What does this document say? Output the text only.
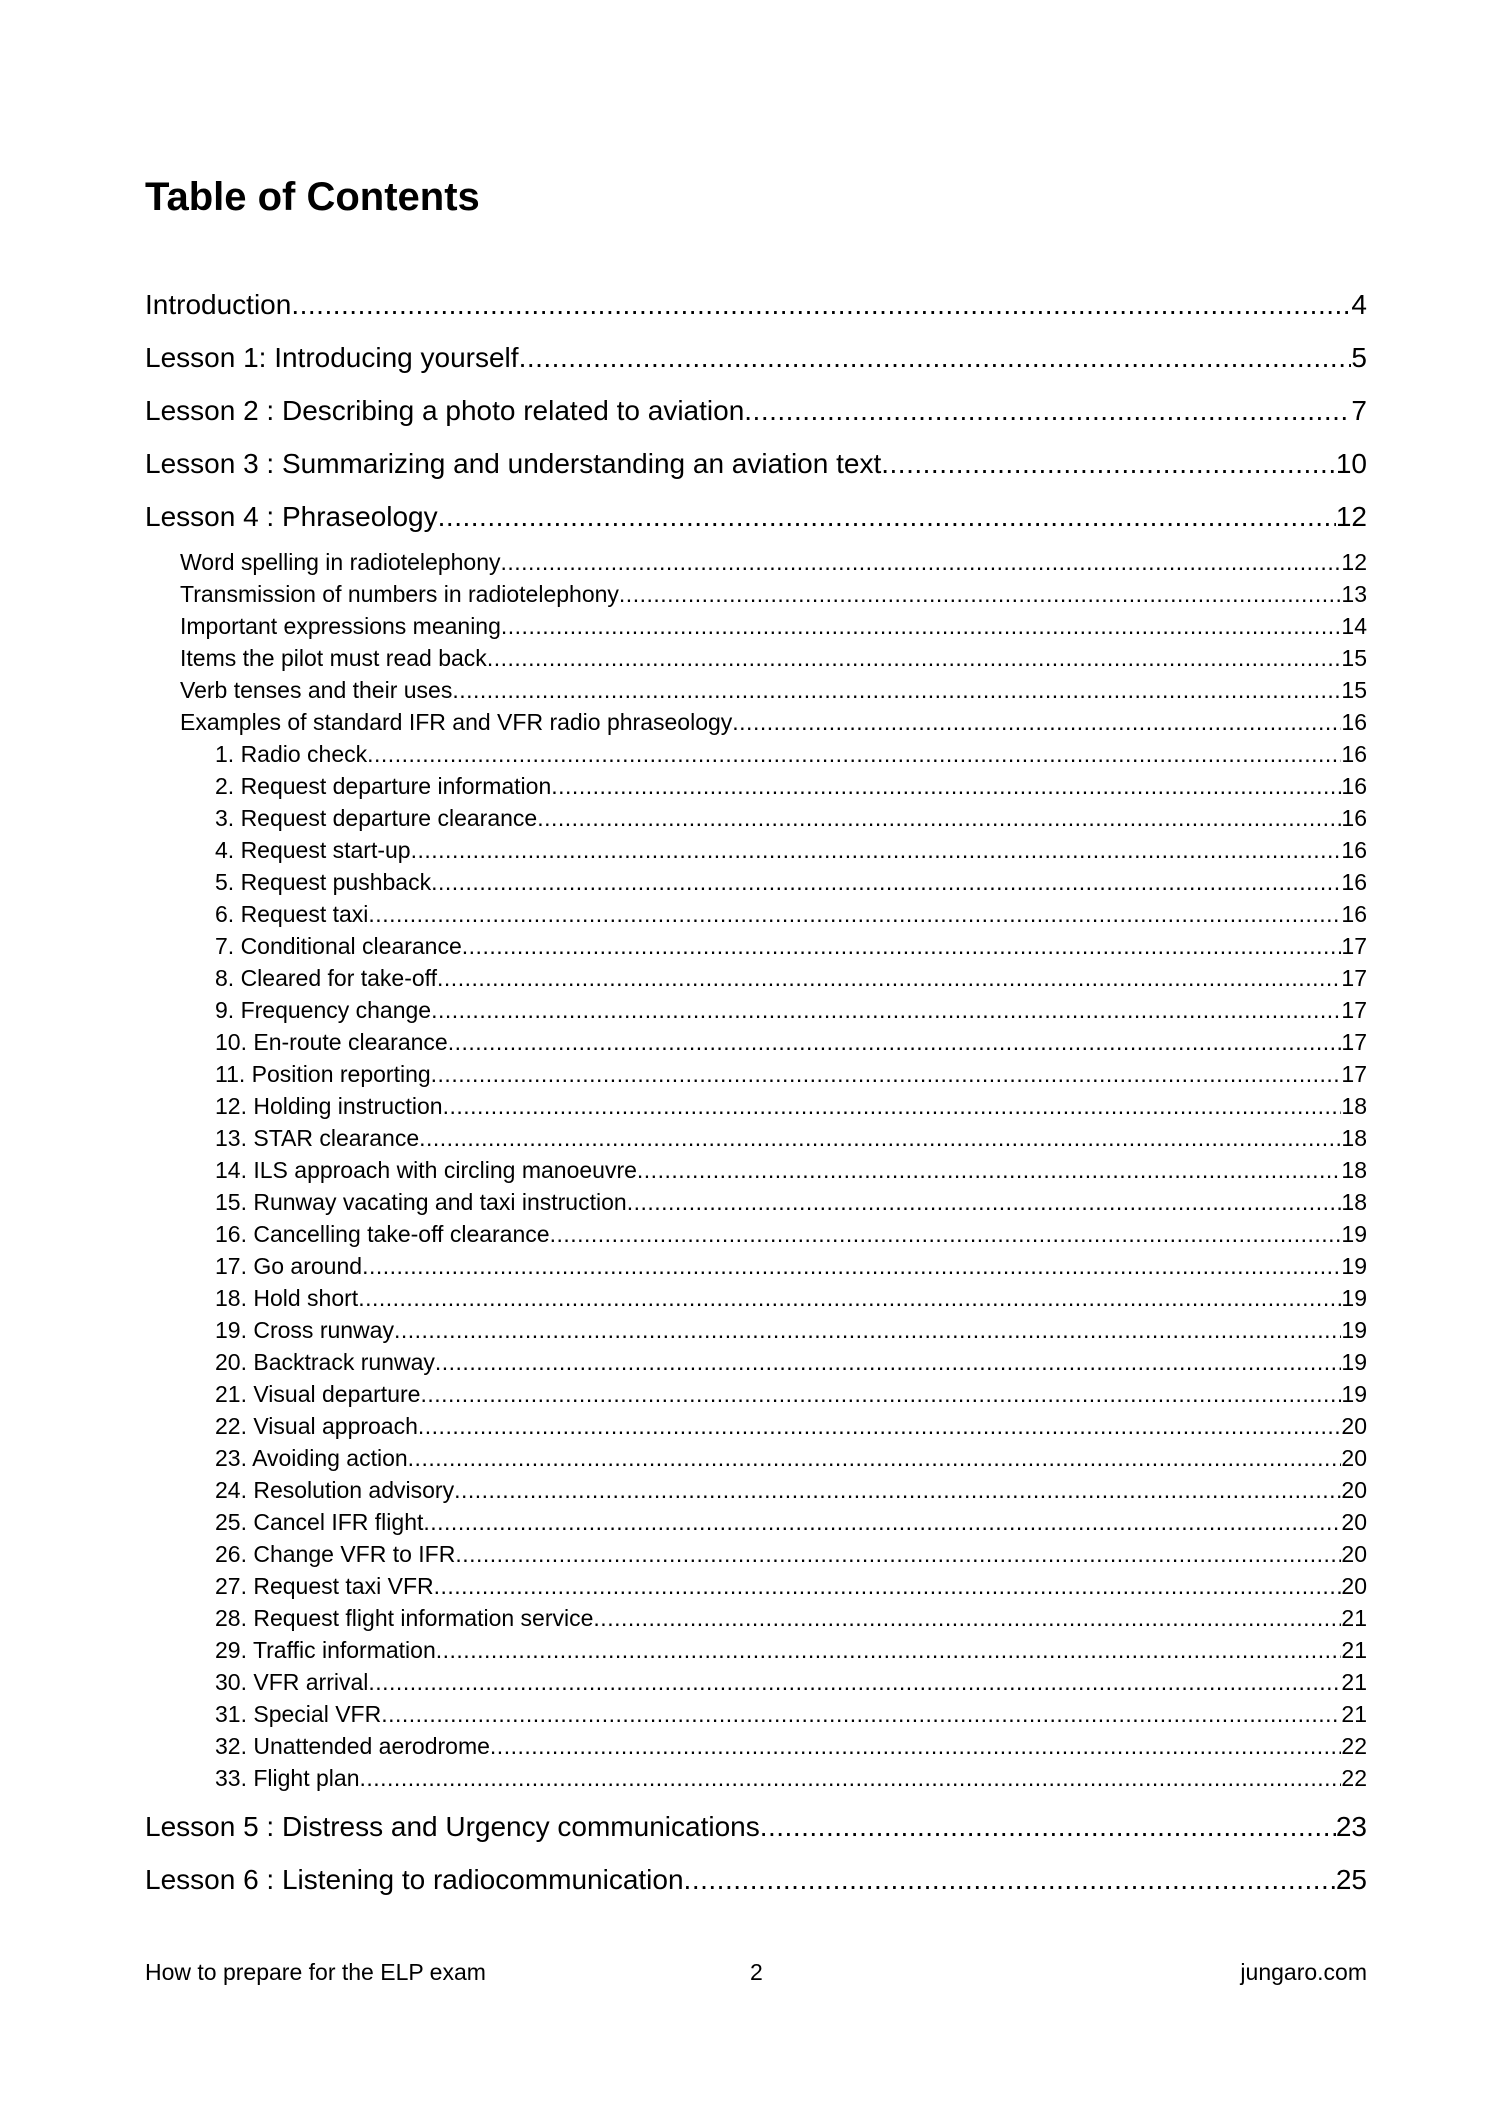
Table of Contents
Introduction .....	4
Lesson 1: Introducing yourself .....	5
Lesson 2 : Describing a photo related to aviation .....	7
Lesson 3 : Summarizing and understanding an aviation text .....	10
Lesson 4 : Phraseology .....	12
Word spelling in radiotelephony .....	12
Transmission of numbers in radiotelephony .....	13
Important expressions meaning .....	14
Items the pilot must read back .....	15
Verb tenses and their uses .....	15
Examples of standard IFR and VFR radio phraseology .....	16
1. Radio check .....	16
2. Request departure information .....	16
3. Request departure clearance .....	16
4. Request start-up .....	16
5. Request pushback .....	16
6. Request taxi .....	16
7. Conditional clearance .....	17
8. Cleared for take-off .....	17
9. Frequency change .....	17
10. En-route clearance .....	17
11. Position reporting .....	17
12. Holding instruction .....	18
13. STAR clearance .....	18
14. ILS approach with circling manoeuvre .....	18
15. Runway vacating and taxi instruction .....	18
16. Cancelling take-off clearance .....	19
17. Go around .....	19
18. Hold short .....	19
19. Cross runway .....	19
20. Backtrack runway .....	19
21. Visual departure .....	19
22. Visual approach .....	20
23. Avoiding action .....	20
24. Resolution advisory .....	20
25. Cancel IFR flight .....	20
26. Change VFR to IFR .....	20
27. Request taxi VFR .....	20
28. Request flight information service .....	21
29. Traffic information .....	21
30. VFR arrival .....	21
31. Special VFR .....	21
32. Unattended aerodrome .....	22
33. Flight plan .....	22
Lesson 5 : Distress and Urgency communications .....	23
Lesson 6 : Listening to radiocommunication .....	25
How to prepare for the ELP exam	2	jungaro.com
